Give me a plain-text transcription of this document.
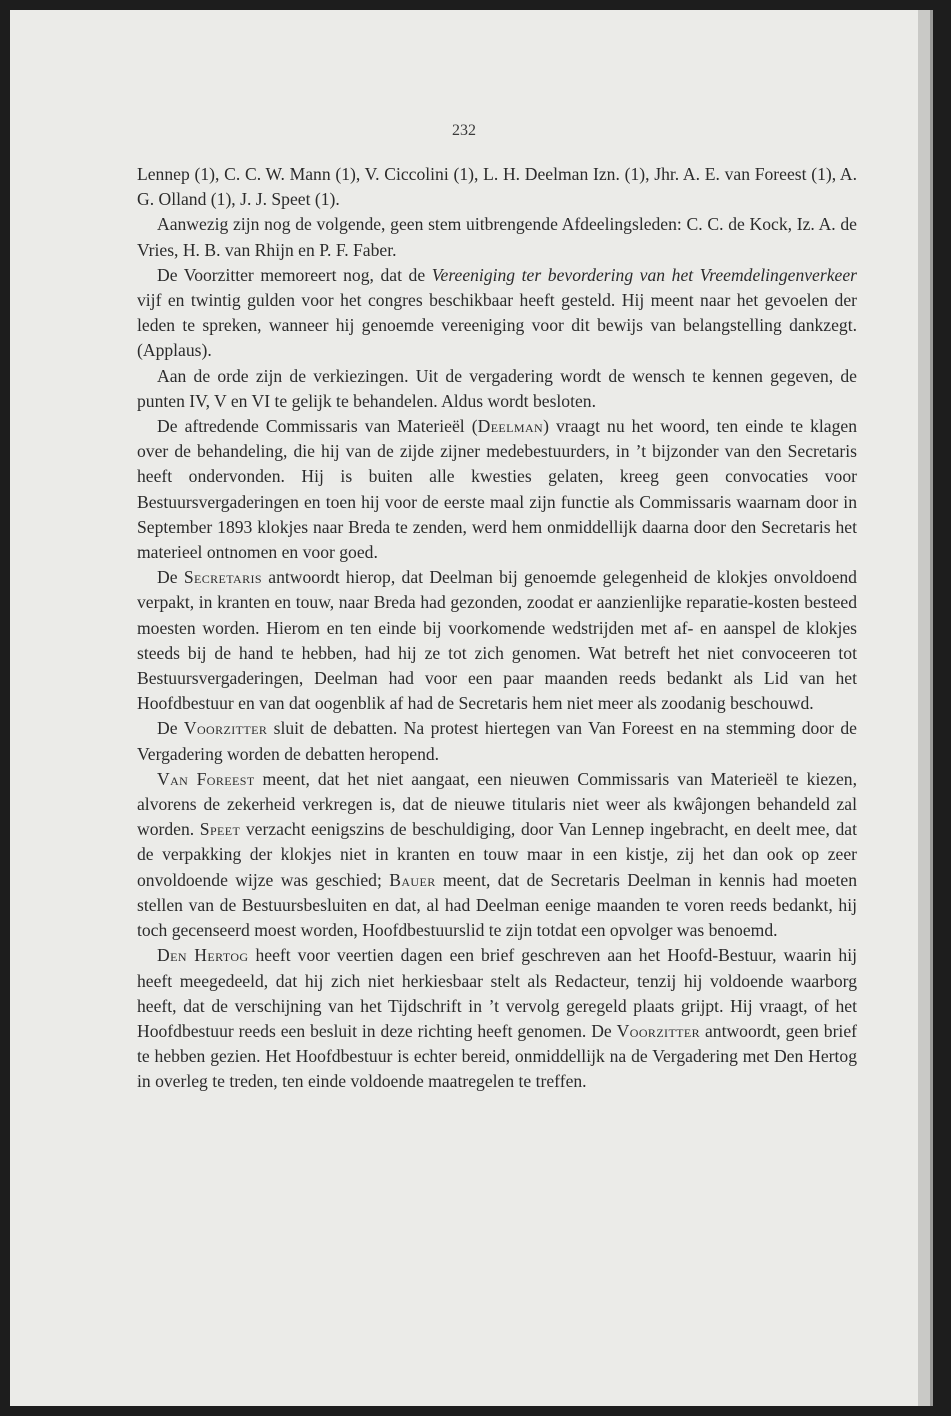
232

Lennep (1), C. C. W. Mann (1), V. Ciccolini (1), L. H. Deelman Izn. (1), Jhr. A. E. van Foreest (1), A. G. Olland (1), J. J. Speet (1).

Aanwezig zijn nog de volgende, geen stem uitbrengende Afdeelingsleden: C. C. de Kock, Iz. A. de Vries, H. B. van Rhijn en P. F. Faber.

De Voorzitter memoreert nog, dat de Vereeniging ter bevordering van het Vreemdelingenverkeer vijf en twintig gulden voor het congres beschikbaar heeft gesteld. Hij meent naar het gevoelen der leden te spreken, wanneer hij genoemde vereeniging voor dit bewijs van belangstelling dankzegt. (Applaus).

Aan de orde zijn de verkiezingen. Uit de vergadering wordt de wensch te kennen gegeven, de punten IV, V en VI te gelijk te behandelen. Aldus wordt besloten.

De aftredende Commissaris van Materieël (Deelman) vraagt nu het woord, ten einde te klagen over de behandeling, die hij van de zijde zijner medebestuurders, in ’t bijzonder van den Secretaris heeft ondervonden. Hij is buiten alle kwesties gelaten, kreeg geen convocaties voor Bestuursvergaderingen en toen hij voor de eerste maal zijn functie als Commissaris waarnam door in September 1893 klokjes naar Breda te zenden, werd hem onmiddellijk daarna door den Secretaris het materieel ontnomen en voor goed.

De Secretaris antwoordt hierop, dat Deelman bij genoemde gelegenheid de klokjes onvoldoend verpakt, in kranten en touw, naar Breda had gezonden, zoodat er aanzienlijke reparatie-kosten besteed moesten worden. Hierom en ten einde bij voorkomende wedstrijden met af- en aanspel de klokjes steeds bij de hand te hebben, had hij ze tot zich genomen. Wat betreft het niet convoceeren tot Bestuursvergaderingen, Deelman had voor een paar maanden reeds bedankt als Lid van het Hoofdbestuur en van dat oogenblik af had de Secretaris hem niet meer als zoodanig beschouwd.

De Voorzitter sluit de debatten. Na protest hiertegen van Van Foreest en na stemming door de Vergadering worden de debatten heropend.

Van Foreest meent, dat het niet aangaat, een nieuwen Commissaris van Materieël te kiezen, alvorens de zekerheid verkregen is, dat de nieuwe titularis niet weer als kwâjongen behandeld zal worden. Speet verzacht eenigszins de beschuldiging, door Van Lennep ingebracht, en deelt mee, dat de verpakking der klokjes niet in kranten en touw maar in een kistje, zij het dan ook op zeer onvoldoende wijze was geschied; Bauer meent, dat de Secretaris Deelman in kennis had moeten stellen van de Bestuursbesluiten en dat, al had Deelman eenige maanden te voren reeds bedankt, hij toch gecenseerd moest worden, Hoofdbestuurslid te zijn totdat een opvolger was benoemd.

Den Hertog heeft voor veertien dagen een brief geschreven aan het Hoofd-Bestuur, waarin hij heeft meegedeeld, dat hij zich niet herkiesbaar stelt als Redacteur, tenzij hij voldoende waarborg heeft, dat de verschijning van het Tijdschrift in ’t vervolg geregeld plaats grijpt. Hij vraagt, of het Hoofdbestuur reeds een besluit in deze richting heeft genomen. De Voorzitter antwoordt, geen brief te hebben gezien. Het Hoofdbestuur is echter bereid, onmiddellijk na de Vergadering met Den Hertog in overleg te treden, ten einde voldoende maatregelen te treffen.
